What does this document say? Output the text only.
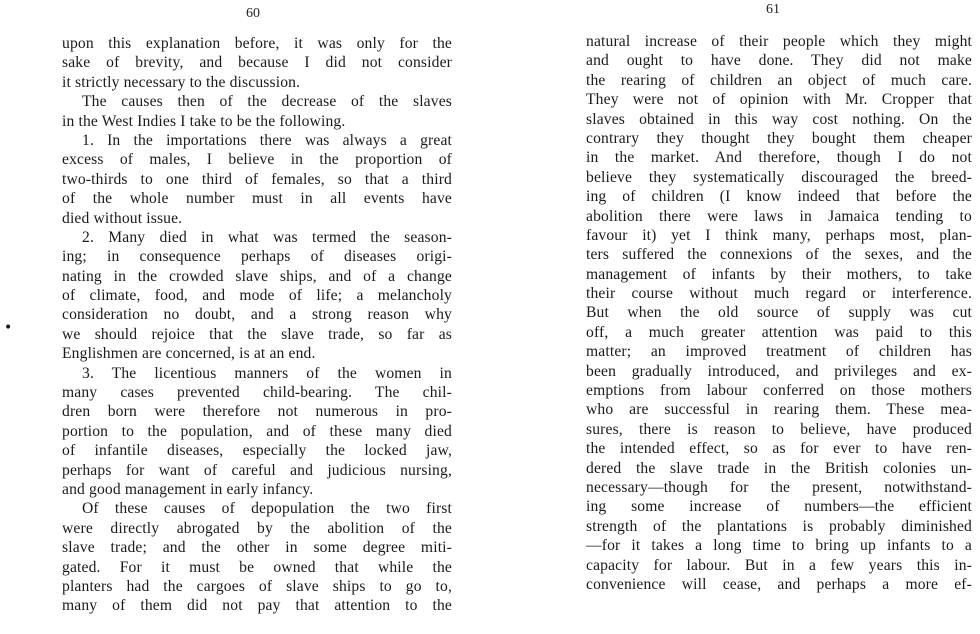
60
upon this explanation before, it was only for the
sake of brevity, and because I did not consider
it strictly necessary to the discussion.
The causes then of the decrease of the slaves
in the West Indies I take to be the following.
1. In the importations there was always a great
excess of males, I believe in the proportion of
two-thirds to one third of females, so that a third
of the whole number must in all events have
died without issue.
2. Many died in what was termed the season-
ing; in consequence perhaps of diseases origi-
nating in the crowded slave ships, and of a change
of climate, food, and mode of life; a melancholy
consideration no doubt, and a strong reason why
we should rejoice that the slave trade, so far as
Englishmen are concerned, is at an end.
3. The licentious manners of the women in
many cases prevented child-bearing. The chil-
dren born were therefore not numerous in pro-
portion to the population, and of these many died
of infantile diseases, especially the locked jaw,
perhaps for want of careful and judicious nursing,
and good management in early infancy.
Of these causes of depopulation the two first
were directly abrogated by the abolition of the
slave trade; and the other in some degree miti-
gated. For it must be owned that while the
planters had the cargoes of slave ships to go to,
many of them did not pay that attention to the
•
61
natural increase of their people which they might
and ought to have done. They did not make
the rearing of children an object of much care.
They were not of opinion with Mr. Cropper that
slaves obtained in this way cost nothing. On the
contrary they thought they bought them cheaper
in the market. And therefore, though I do not
believe they systematically discouraged the breed-
ing of children (I know indeed that before the
abolition there were laws in Jamaica tending to
favour it) yet I think many, perhaps most, plan-
ters suffered the connexions of the sexes, and the
management of infants by their mothers, to take
their course without much regard or interference.
But when the old source of supply was cut
off, a much greater attention was paid to this
matter; an improved treatment of children has
been gradually introduced, and privileges and ex-
emptions from labour conferred on those mothers
who are successful in rearing them. These mea-
sures, there is reason to believe, have produced
the intended effect, so as for ever to have ren-
dered the slave trade in the British colonies un-
necessary—though for the present, notwithstand-
ing some increase of numbers—the efficient
strength of the plantations is probably diminished
—for it takes a long time to bring up infants to a
capacity for labour. But in a few years this in-
convenience will cease, and perhaps a more ef-
